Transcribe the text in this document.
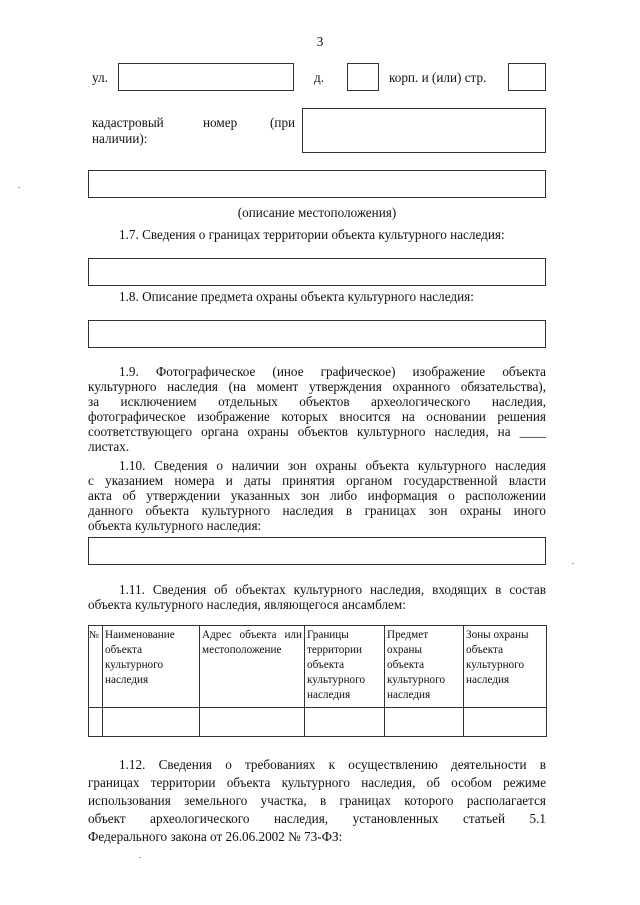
3
ул.	д.	корп. и (или) стр.
кадастровый	номер (при
наличии):
(описание местоположения)
1.7. Сведения о границах территории объекта культурного наследия:
1.8. Описание предмета охраны объекта культурного наследия:
1.9. Фотографическое (иное графическое) изображение объекта
культурного наследия (на момент утверждения охранного обязательства),
за исключением отдельных объектов археологического наследия,
фотографическое изображение которых вносится на основании решения
соответствующего органа охраны объектов культурного наследия, на ____
листах.
1.10. Сведения о наличии зон охраны объекта культурного наследия
с указанием номера и даты принятия органом государственной власти
акта об утверждении указанных зон либо информация о расположении
данного объекта культурного наследия в границах зон охраны иного
объекта культурного наследия:
1.11. Сведения об объектах культурного наследия, входящих в состав
объекта культурного наследия, являющегося ансамблем:
№	Наименование объекта культурного наследия	Адрес объекта или местоположение	Границы территории объекта культурного наследия	Предмет охраны объекта культурного наследия	Зоны охраны объекта культурного наследия

1.12. Сведения о требованиях к осуществлению деятельности в
границах территории объекта культурного наследия, об особом режиме
использования земельного участка, в границах которого располагается
объект археологического наследия, установленных статьей 5.1
Федерального закона от 26.06.2002 № 73-ФЗ:
